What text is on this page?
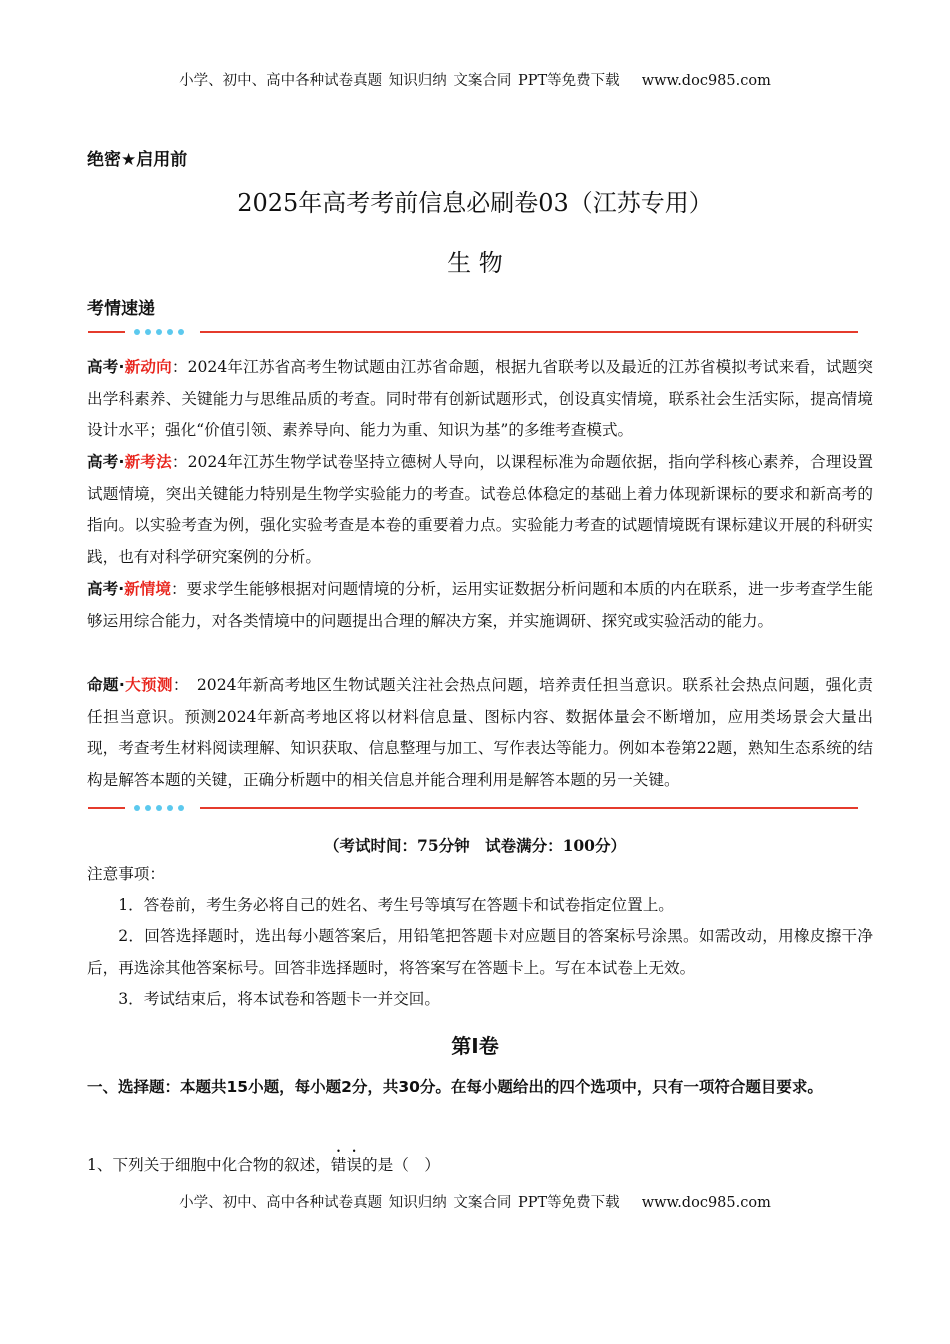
小学、初中、高中各种试卷真题 知识归纳 文案合同 PPT等免费下载 www.doc985.com
绝密★启用前
2025年高考考前信息必刷卷03（江苏专用）
生 物
考情速递
高考·新动向：2024年江苏省高考生物试题由江苏省命题，根据九省联考以及最近的江苏省模拟考试来看，试题突出学科素养、关键能力与思维品质的考查。同时带有创新试题形式，创设真实情境，联系社会生活实际，提高情境设计水平；强化“价值引领、素养导向、能力为重、知识为基”的多维考查模式。
高考·新考法：2024年江苏生物学试卷坚持立德树人导向，以课程标准为命题依据，指向学科核心素养，合理设置试题情境，突出关键能力特别是生物学实验能力的考查。试卷总体稳定的基础上着力体现新课标的要求和新高考的指向。以实验考查为例，强化实验考查是本卷的重要着力点。实验能力考查的试题情境既有课标建议开展的科研实践，也有对科学研究案例的分析。
高考·新情境：要求学生能够根据对问题情境的分析，运用实证数据分析问题和本质的内在联系，进一步考查学生能够运用综合能力，对各类情境中的问题提出合理的解决方案，并实施调研、探究或实验活动的能力。
命题·大预测：　2024年新高考地区生物试题关注社会热点问题，培养责任担当意识。联系社会热点问题，强化责任担当意识。预测2024年新高考地区将以材料信息量、图标内容、数据体量会不断增加，应用类场景会大量出现，考查考生材料阅读理解、知识获取、信息整理与加工、写作表达等能力。例如本卷第22题，熟知生态系统的结构是解答本题的关键，正确分析题中的相关信息并能合理利用是解答本题的另一关键。
（考试时间：75分钟　试卷满分：100分）
注意事项：
1．答卷前，考生务必将自己的姓名、考生号等填写在答题卡和试卷指定位置上。
2．回答选择题时，选出每小题答案后，用铅笔把答题卡对应题目的答案标号涂黑。如需改动，用橡皮擦干净后，再选涂其他答案标号。回答非选择题时，将答案写在答题卡上。写在本试卷上无效。
3．考试结束后，将本试卷和答题卡一并交回。
第Ⅰ卷
一、选择题：本题共15小题，每小题2分，共30分。在每小题给出的四个选项中，只有一项符合题目要求。
1、下列关于细胞中化合物的叙述，错误的是（　）
小学、初中、高中各种试卷真题 知识归纳 文案合同 PPT等免费下载 www.doc985.com
